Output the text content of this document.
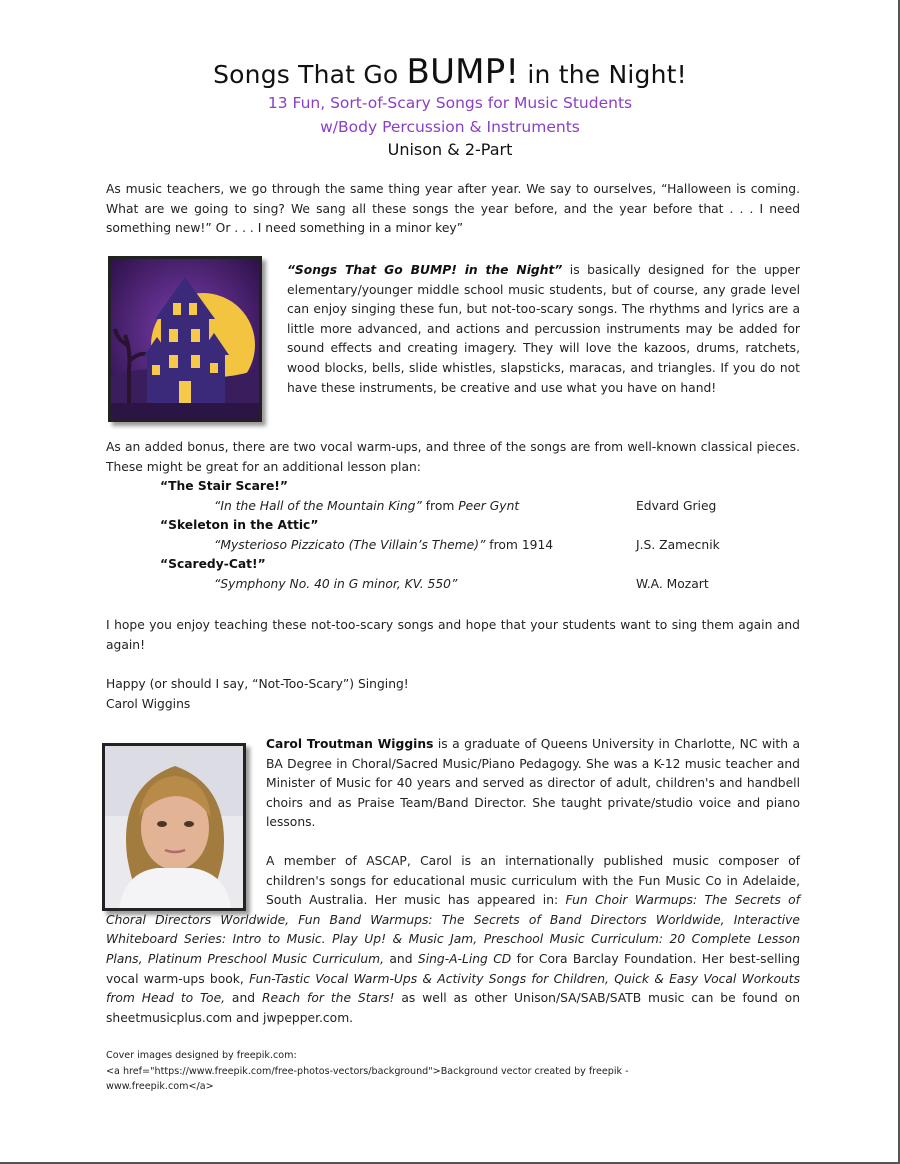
Songs That Go BUMP! in the Night!
13 Fun, Sort-of-Scary Songs for Music Students
w/Body Percussion & Instruments
Unison & 2-Part
As music teachers, we go through the same thing year after year. We say to ourselves, “Halloween is coming. What are we going to sing? We sang all these songs the year before, and the year before that . . . I need something new!” Or . . . I need something in a minor key”
“Songs That Go BUMP! in the Night” is basically designed for the upper elementary/younger middle school music students, but of course, any grade level can enjoy singing these fun, but not-too-scary songs. The rhythms and lyrics are a little more advanced, and actions and percussion instruments may be added for sound effects and creating imagery. They will love the kazoos, drums, ratchets, wood blocks, bells, slide whistles, slapsticks, maracas, and triangles. If you do not have these instruments, be creative and use what you have on hand!
As an added bonus, there are two vocal warm-ups, and three of the songs are from well-known classical pieces. These might be great for an additional lesson plan:
“The Stair Scare!”
“In the Hall of the Mountain King” from Peer Gynt	Edvard Grieg
“Skeleton in the Attic”
“Mysterioso Pizzicato (The Villain’s Theme)” from 1914	J.S. Zamecnik
“Scaredy-Cat!”
“Symphony No. 40 in G minor, KV. 550”	W.A. Mozart
I hope you enjoy teaching these not-too-scary songs and hope that your students want to sing them again and again!
Happy (or should I say, “Not-Too-Scary”) Singing!
Carol Wiggins
Carol Troutman Wiggins is a graduate of Queens University in Charlotte, NC with a BA Degree in Choral/Sacred Music/Piano Pedagogy. She was a K-12 music teacher and Minister of Music for 40 years and served as director of adult, children's and handbell choirs and as Praise Team/Band Director. She taught private/studio voice and piano lessons.
A member of ASCAP, Carol is an internationally published music composer of children's songs for educational music curriculum with the Fun Music Co in Adelaide, South Australia. Her music has appeared in: Fun Choir Warmups: The Secrets of Choral Directors Worldwide, Fun Band Warmups: The Secrets of Band Directors Worldwide, Interactive Whiteboard Series: Intro to Music. Play Up! & Music Jam, Preschool Music Curriculum: 20 Complete Lesson Plans, Platinum Preschool Music Curriculum, and Sing-A-Ling CD for Cora Barclay Foundation. Her best-selling vocal warm-ups book, Fun-Tastic Vocal Warm-Ups & Activity Songs for Children, Quick & Easy Vocal Workouts from Head to Toe, and Reach for the Stars! as well as other Unison/SA/SAB/SATB music can be found on sheetmusicplus.com and jwpepper.com.
Cover images designed by freepik.com:
<a href="https://www.freepik.com/free-photos-vectors/background">Background vector created by freepik -
www.freepik.com</a>
